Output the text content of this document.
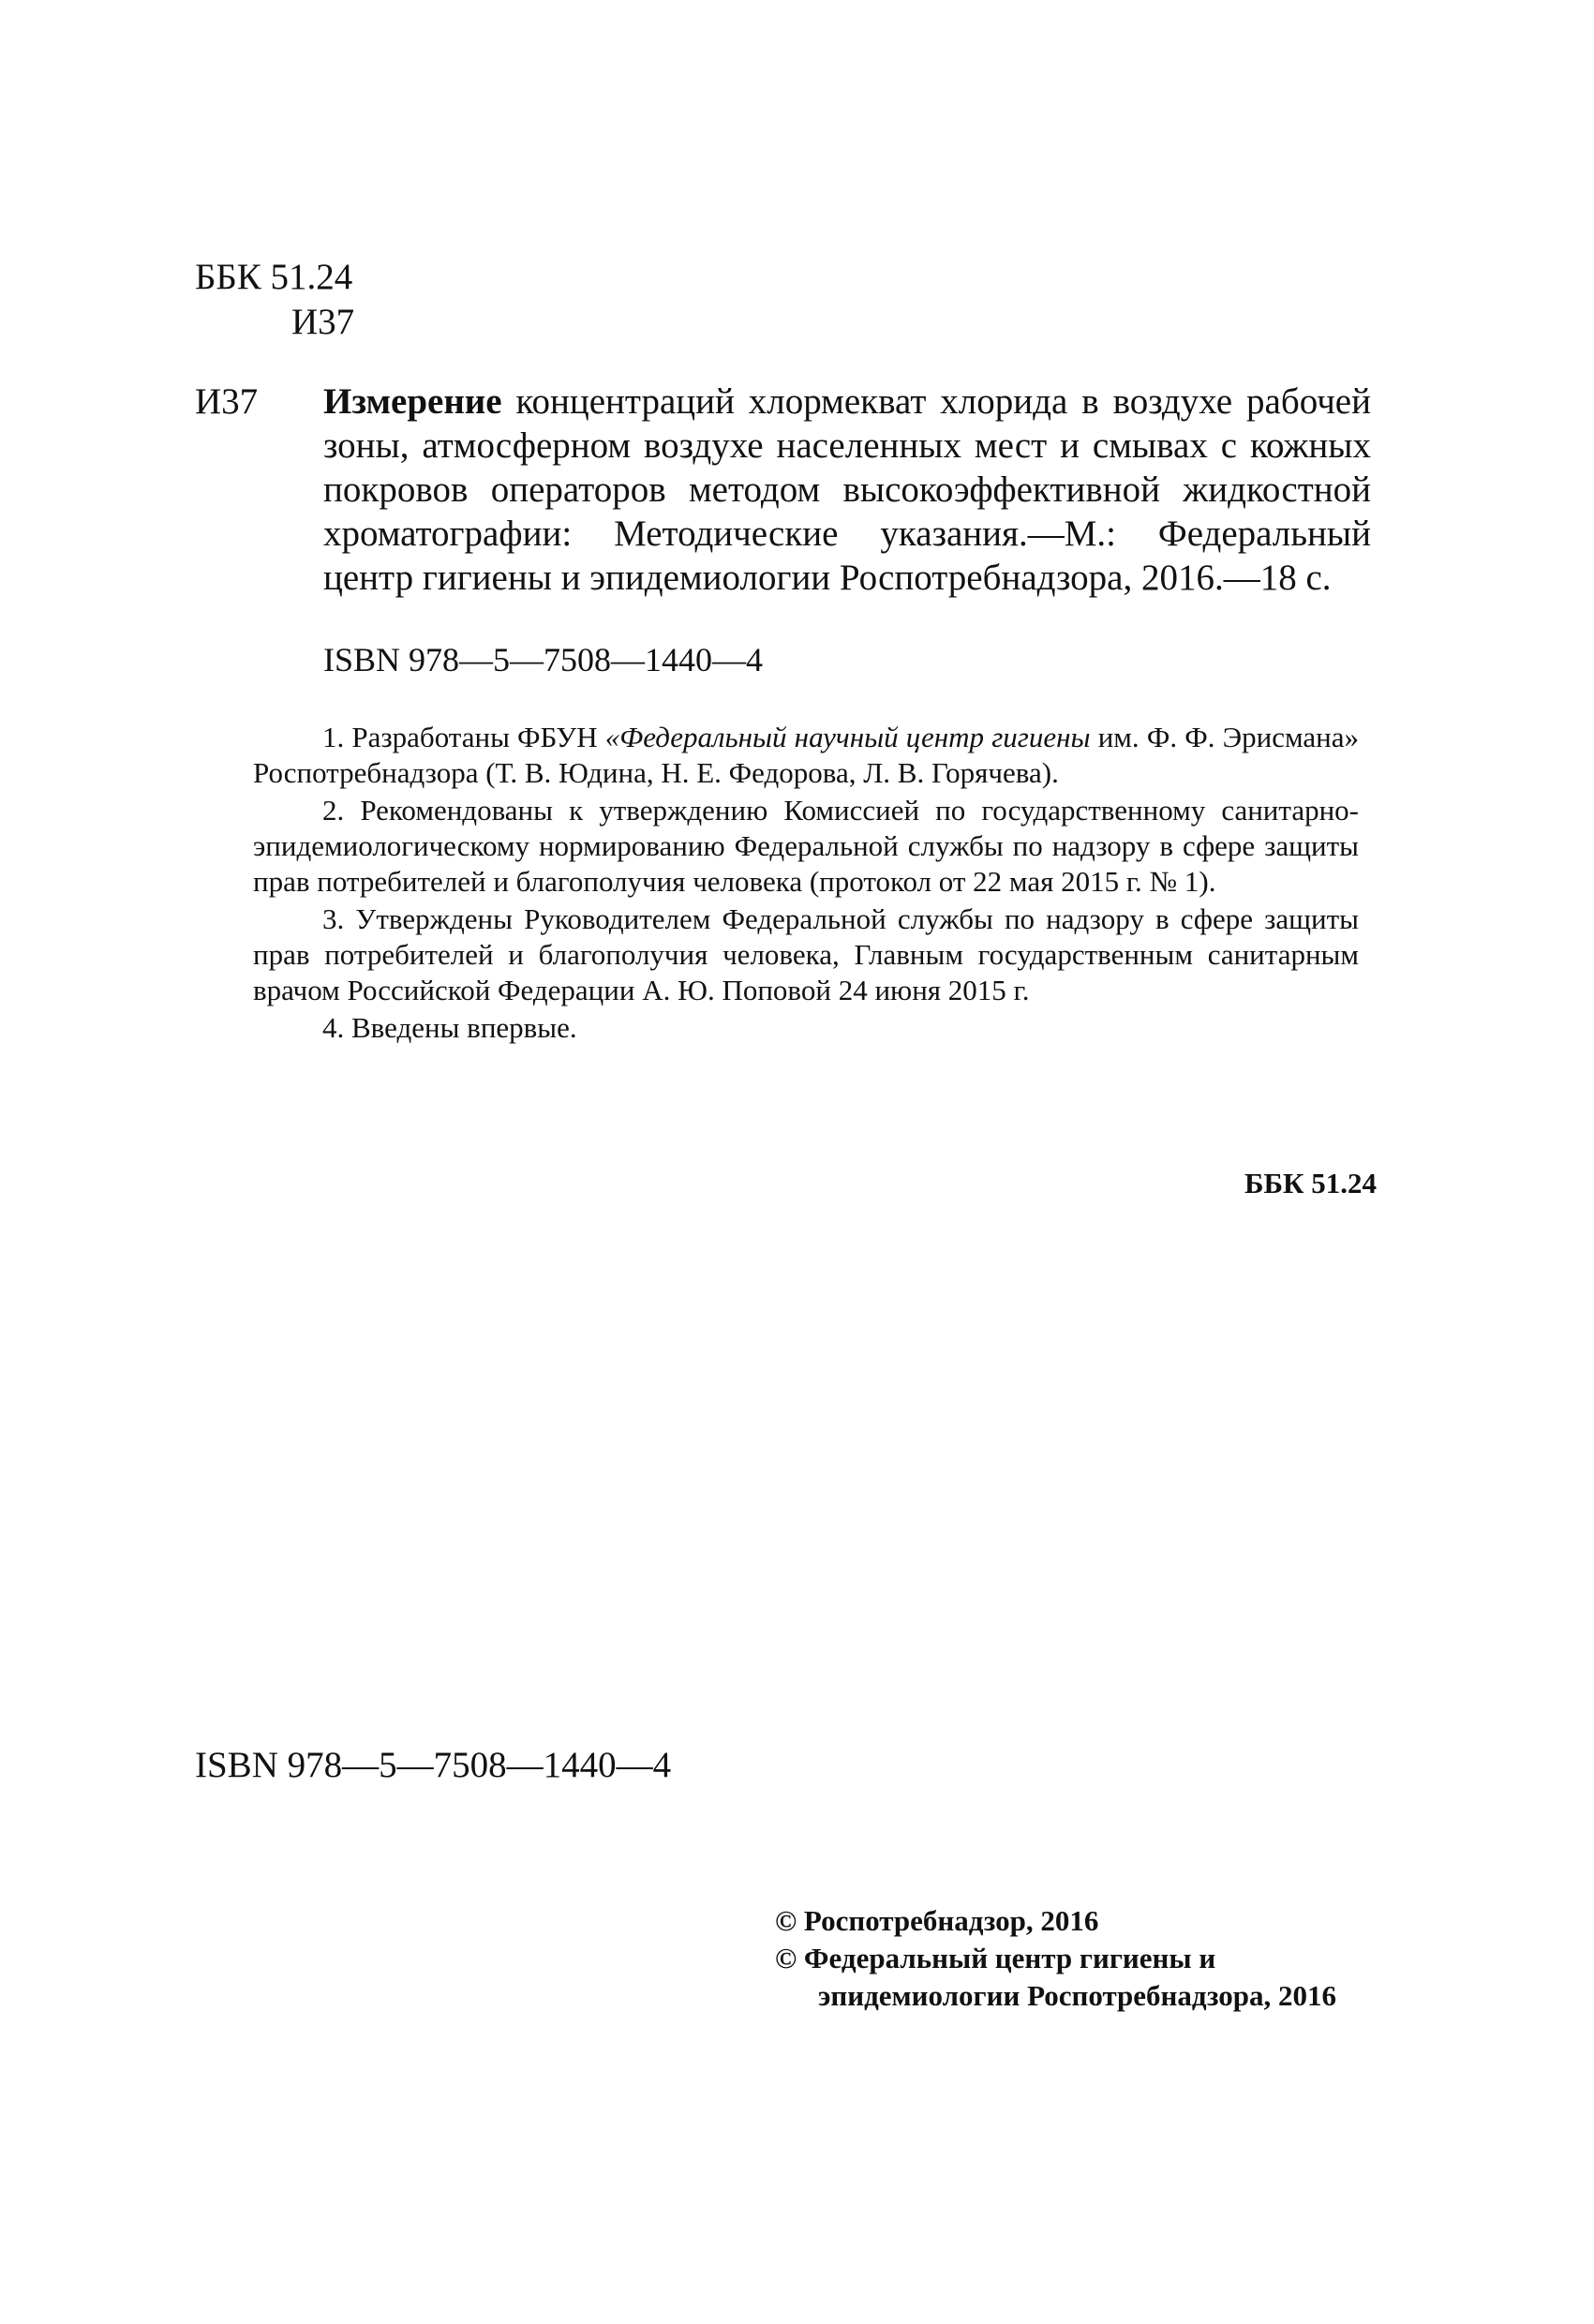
ББК 51.24
И37
И37 Измерение концентраций хлормекват хлорида в воздухе рабочей зоны, атмосферном воздухе населенных мест и смывах с кожных покровов операторов методом высокоэффективной жидкостной хроматографии: Методические указания.—М.: Федеральный центр гигиены и эпидемиологии Роспотребнадзора, 2016.—18 с.
ISBN 978—5—7508—1440—4

1. Разработаны ФБУН «Федеральный научный центр гигиены им. Ф. Ф. Эрисмана» Роспотребнадзора (Т. В. Юдина, Н. Е. Федорова, Л. В. Горячева).

2. Рекомендованы к утверждению Комиссией по государственному санитарно-эпидемиологическому нормированию Федеральной службы по надзору в сфере защиты прав потребителей и благополучия человека (протокол от 22 мая 2015 г. № 1).

3. Утверждены Руководителем Федеральной службы по надзору в сфере защиты прав потребителей и благополучия человека, Главным государственным санитарным врачом Российской Федерации А. Ю. Поповой 24 июня 2015 г.

4. Введены впервые.

ББК 51.24
ISBN 978—5—7508—1440—4
© Роспотребнадзор, 2016
© Федеральный центр гигиены и
эпидемиологии Роспотребнадзора, 2016
